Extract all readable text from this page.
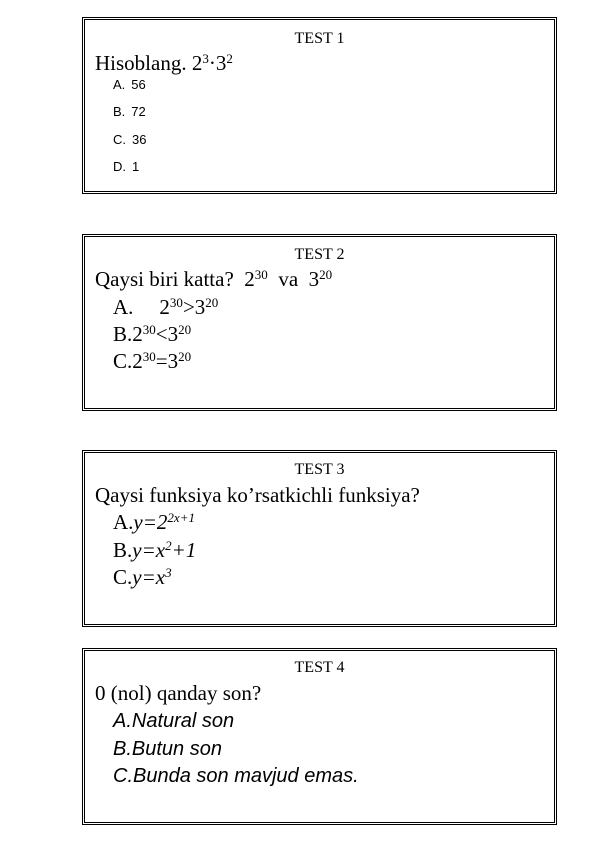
TEST 1
Hisoblang. $2^3\cdot 3^2$
A. 56
B. 72
C. 36
D. 1
TEST 2
Qaysi biri katta? $2^{30}$ va $3^{20}$
A. $2^{30}>3^{20}$
$B.2^{30}<3^{20}$
$C.2^{30}=3^{20}$
TEST 3
Qaysi funksiya ko’rsatkichli funksiya?
$A.y=2^{2x+1}$
$B.y=x^2+1$
$C.y=x^3$
TEST 4
0 (nol) qanday son?
A.Natural son
B.Butun son
C.Bunda son mavjud emas.
